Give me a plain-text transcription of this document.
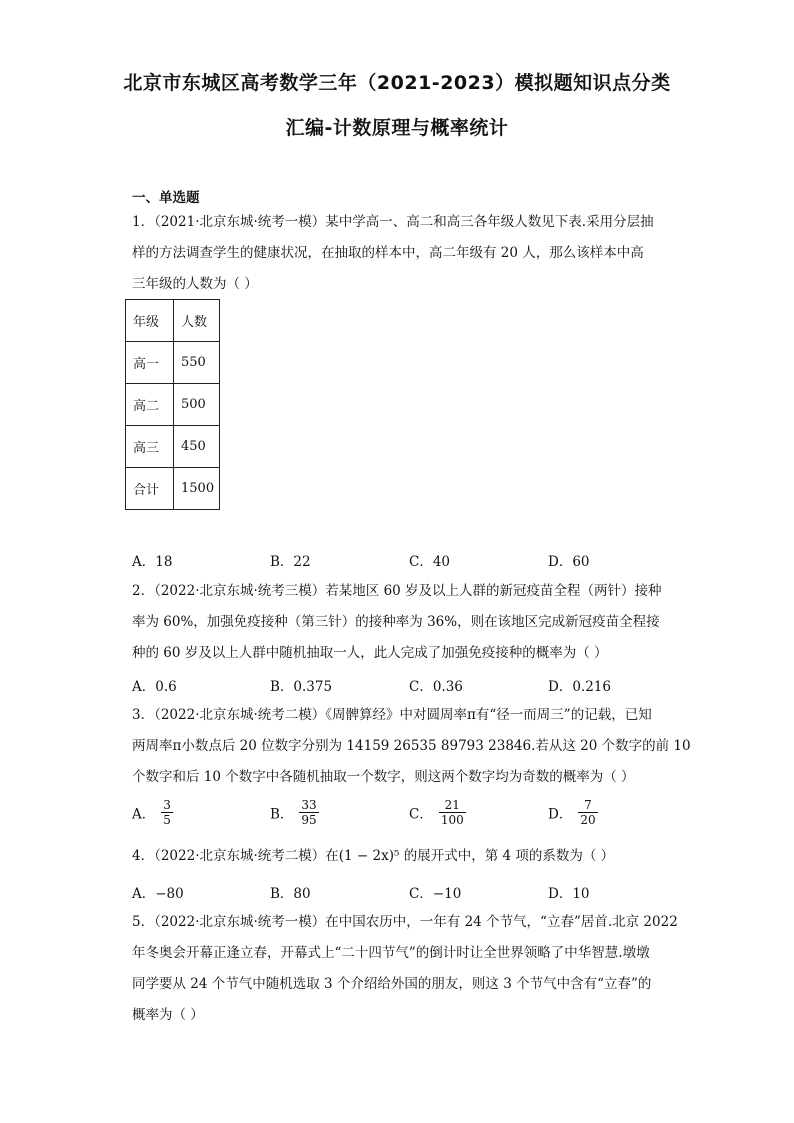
北京市东城区高考数学三年（2021-2023）模拟题知识点分类
汇编-计数原理与概率统计
一、单选题
1．（2021·北京东城·统考一模）某中学高一、高二和高三各年级人数见下表.采用分层抽
样的方法调查学生的健康状况，在抽取的样本中，高二年级有 20 人，那么该样本中高
三年级的人数为（ ）
年级	人数
高一	550
高二	500
高三	450
合计	1500
A．18	B．22	C．40	D．60
2．（2022·北京东城·统考三模）若某地区 60 岁及以上人群的新冠疫苗全程（两针）接种
率为 60%，加强免疫接种（第三针）的接种率为 36%，则在该地区完成新冠疫苗全程接
种的 60 岁及以上人群中随机抽取一人，此人完成了加强免疫接种的概率为（ ）
A．0.6	B．0.375	C．0.36	D．0.216
3．（2022·北京东城·统考二模）《周髀算经》中对圆周率π有“径一而周三”的记载，已知
两周率π小数点后 20 位数字分别为 14159 26535 89793 23846.若从这 20 个数字的前 10
个数字和后 10 个数字中各随机抽取一个数字，则这两个数字均为奇数的概率为（ ）
A． $\frac{3}{5}$	B． $\frac{33}{95}$	C． $\frac{21}{100}$	D． $\frac{7}{20}$
4．（2022·北京东城·统考二模）在(1 − 2x)⁵ 的展开式中，第 4 项的系数为（ ）
A．−80	B．80	C．−10	D．10
5．（2022·北京东城·统考一模）在中国农历中，一年有 24 个节气，“立春”居首.北京 2022
年冬奥会开幕正逢立春，开幕式上“二十四节气”的倒计时让全世界领略了中华智慧.墩墩
同学要从 24 个节气中随机选取 3 个介绍给外国的朋友，则这 3 个节气中含有“立春”的
概率为（ ）
